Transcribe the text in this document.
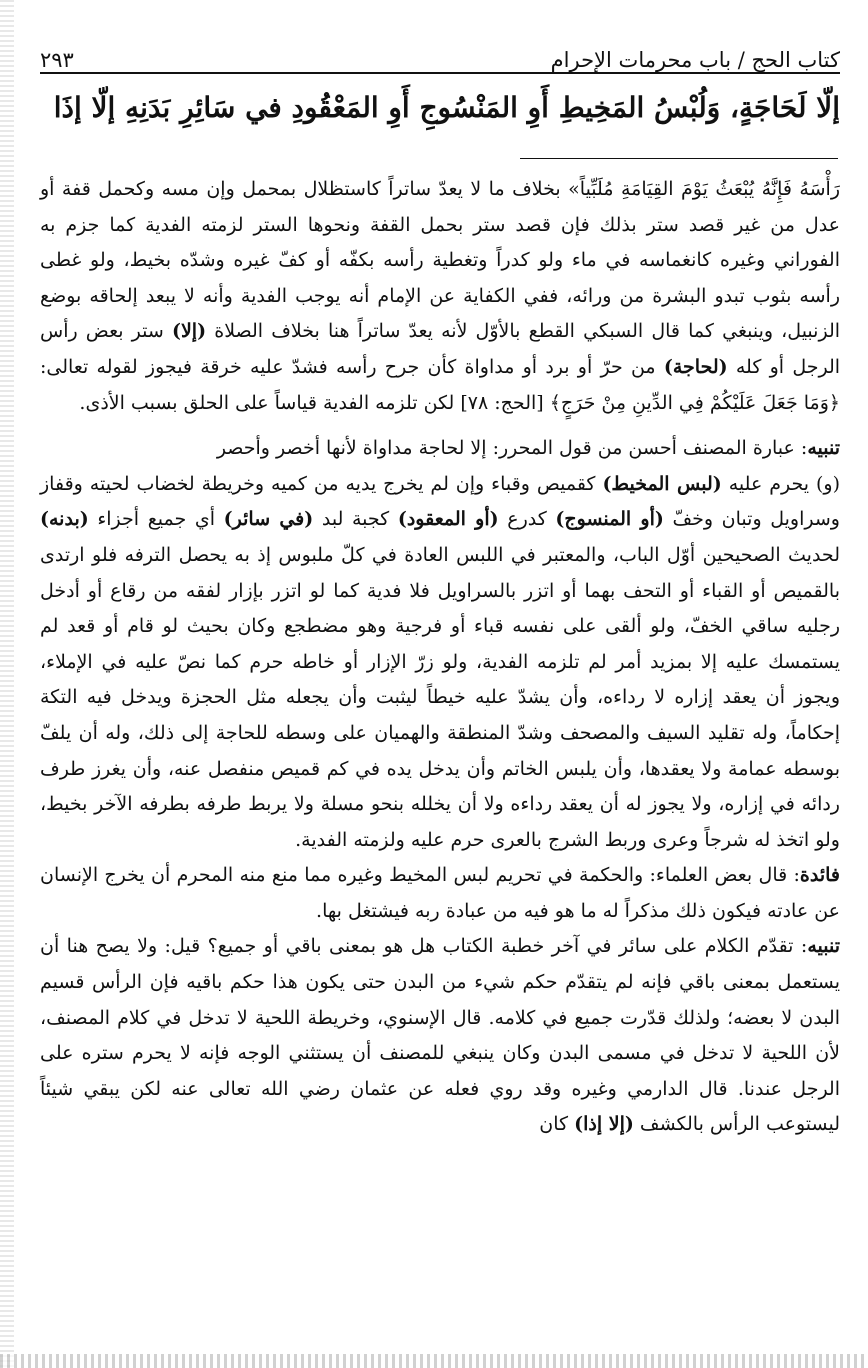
كتاب الحج / باب محرمات الإحرام
٢٩٣
إلّا لَحَاجَةٍ، وَلُبْسُ المَخِيطِ أَوِ المَنْسُوجِ أَوِ المَعْقُودِ في سَائِرِ بَدَنِهِ إلّا إذَا

رَأْسَهُ فَإِنَّهُ يُبْعَثُ يَوْمَ القِيَامَةِ مُلَبِّياً» بخلاف ما لا يعدّ ساتراً كاستظلال بمحمل وإن مسه وكحمل قفة أو عدل من غير قصد ستر بذلك فإن قصد ستر بحمل القفة ونحوها الستر لزمته الفدية كما جزم به الفوراني وغيره كانغماسه في ماء ولو كدراً وتغطية رأسه بكفّه أو كفّ غيره وشدّه بخيط، ولو غطى رأسه بثوب تبدو البشرة من ورائه، ففي الكفاية عن الإمام أنه يوجب الفدية وأنه لا يبعد إلحاقه بوضع الزنبيل، وينبغي كما قال السبكي القطع بالأوّل لأنه يعدّ ساتراً هنا بخلاف الصلاة (إلا) ستر بعض رأس الرجل أو كله (لحاجة) من حرّ أو برد أو مداواة كأن جرح رأسه فشدّ عليه خرقة فيجوز لقوله تعالى: ﴿وَمَا جَعَلَ عَلَيْكُمْ فِي الدِّينِ مِنْ حَرَجٍ﴾ [الحج: ٧٨] لكن تلزمه الفدية قياساً على الحلق بسبب الأذى.

تنبيه: عبارة المصنف أحسن من قول المحرر: إلا لحاجة مداواة لأنها أخصر وأحصر

(و) يحرم عليه (لبس المخيط) كقميص وقباء وإن لم يخرج يديه من كميه وخريطة لخضاب لحيته وقفاز وسراويل وتبان وخفّ (أو المنسوج) كدرع (أو المعقود) كجبة لبد (في سائر) أي جميع أجزاء (بدنه) لحديث الصحيحين أوّل الباب، والمعتبر في اللبس العادة في كلّ ملبوس إذ به يحصل الترفه فلو ارتدى بالقميص أو القباء أو التحف بهما أو اتزر بالسراويل فلا فدية كما لو اتزر بإزار لفقه من رقاع أو أدخل رجليه ساقي الخفّ، ولو ألقى على نفسه قباء أو فرجية وهو مضطجع وكان بحيث لو قام أو قعد لم يستمسك عليه إلا بمزيد أمر لم تلزمه الفدية، ولو زرّ الإزار أو خاطه حرم كما نصّ عليه في الإملاء، ويجوز أن يعقد إزاره لا رداءه، وأن يشدّ عليه خيطاً ليثبت وأن يجعله مثل الحجزة ويدخل فيه التكة إحكاماً، وله تقليد السيف والمصحف وشدّ المنطقة والهميان على وسطه للحاجة إلى ذلك، وله أن يلفّ بوسطه عمامة ولا يعقدها، وأن يلبس الخاتم وأن يدخل يده في كم قميص منفصل عنه، وأن يغرز طرف ردائه في إزاره، ولا يجوز له أن يعقد رداءه ولا أن يخلله بنحو مسلة ولا يربط طرفه بطرفه الآخر بخيط، ولو اتخذ له شرجاً وعرى وربط الشرج بالعرى حرم عليه ولزمته الفدية.

فائدة: قال بعض العلماء: والحكمة في تحريم لبس المخيط وغيره مما منع منه المحرم أن يخرج الإنسان عن عادته فيكون ذلك مذكراً له ما هو فيه من عبادة ربه فيشتغل بها.

تنبيه: تقدّم الكلام على سائر في آخر خطبة الكتاب هل هو بمعنى باقي أو جميع؟ قيل: ولا يصح هنا أن يستعمل بمعنى باقي فإنه لم يتقدّم حكم شيء من البدن حتى يكون هذا حكم باقيه فإن الرأس قسيم البدن لا بعضه؛ ولذلك قدّرت جميع في كلامه. قال الإسنوي، وخريطة اللحية لا تدخل في كلام المصنف، لأن اللحية لا تدخل في مسمى البدن وكان ينبغي للمصنف أن يستثني الوجه فإنه لا يحرم ستره على الرجل عندنا. قال الدارمي وغيره وقد روي فعله عن عثمان رضي الله تعالى عنه لكن يبقي شيئاً ليستوعب الرأس بالكشف (إلا إذا) كان
